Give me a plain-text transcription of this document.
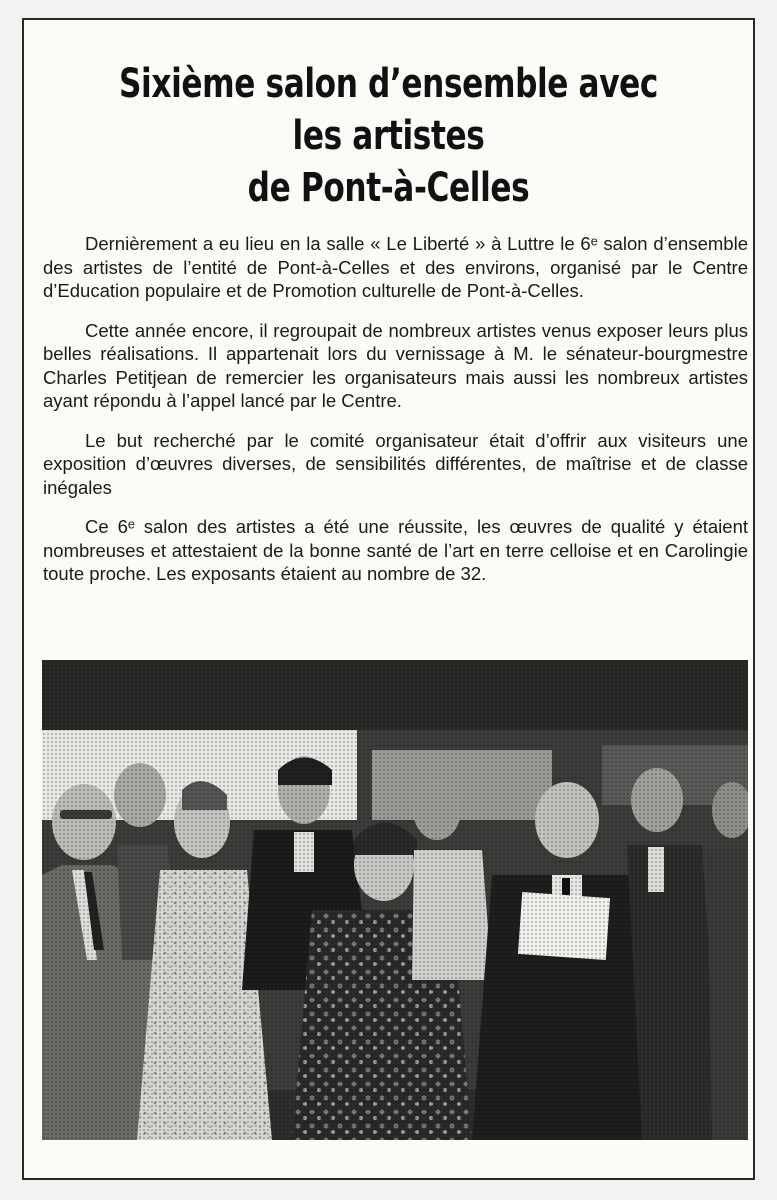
Sixième salon d’ensemble avec les artistes
de Pont-à-Celles

Dernièrement a eu lieu en la salle « Le Liberté » à Luttre le 6ᵉ salon d’ensemble des artistes de l’entité de Pont-à-Celles et des environs, organisé par le Centre d’Education populaire et de Promotion culturelle de Pont-à-Celles.

Cette année encore, il regroupait de nombreux artistes venus exposer leurs plus belles réalisations. Il appartenait lors du vernissage à M. le sénateur-bourgmestre Charles Petitjean de remercier les organisateurs mais aussi les nombreux artistes ayant répondu à l’appel lancé par le Centre.

Le but recherché par le comité organisateur était d’offrir aux visiteurs une exposition d’œuvres diverses, de sensibilités différentes, de maîtrise et de classe inégales

Ce 6ᵉ salon des artistes a été une réussite, les œuvres de qualité y étaient nombreuses et attestaient de la bonne santé de l’art en terre celloise et en Carolingie toute proche. Les exposants étaient au nombre de 32.
